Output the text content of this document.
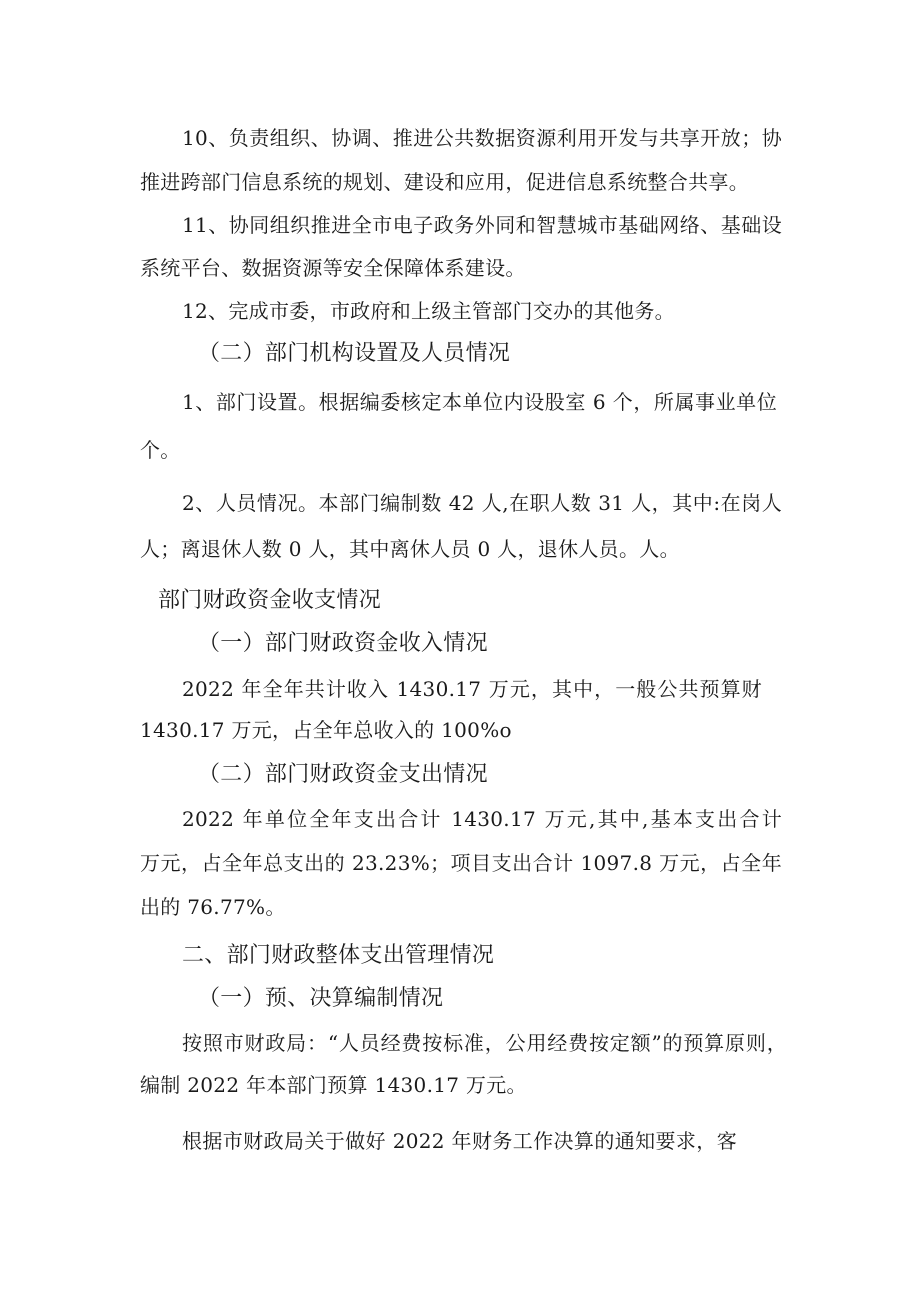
10、负责组织、协调、推进公共数据资源利用开发与共享开放；协
推进跨部门信息系统的规划、建设和应用，促进信息系统整合共享。
11、协同组织推进全市电子政务外同和智慧城市基础网络、基础设
系统平台、数据资源等安全保障体系建设。
12、完成市委，市政府和上级主管部门交办的其他务。
（二）部门机构设置及人员情况
1、部门设置。根据编委核定本单位内设股室 6 个，所属事业单位
个。
2、人员情况。本部门编制数 42 人,在职人数 31 人，其中:在岗人
人；离退休人数 0 人，其中离休人员 0 人，退休人员。人。
部门财政资金收支情况
（一）部门财政资金收入情况
2022 年全年共计收入 1430.17 万元，其中，一般公共预算财
1430.17 万元，占全年总收入的 100%o
（二）部门财政资金支出情况
2022 年单位全年支出合计 1430.17 万元,其中,基本支出合计
万元，占全年总支出的 23.23%；项目支出合计 1097.8 万元，占全年
出的 76.77%。
二、部门财政整体支出管理情况
（一）预、决算编制情况
按照市财政局：“人员经费按标准，公用经费按定额”的预算原则，
编制 2022 年本部门预算 1430.17 万元。
根据市财政局关于做好 2022 年财务工作决算的通知要求，客
